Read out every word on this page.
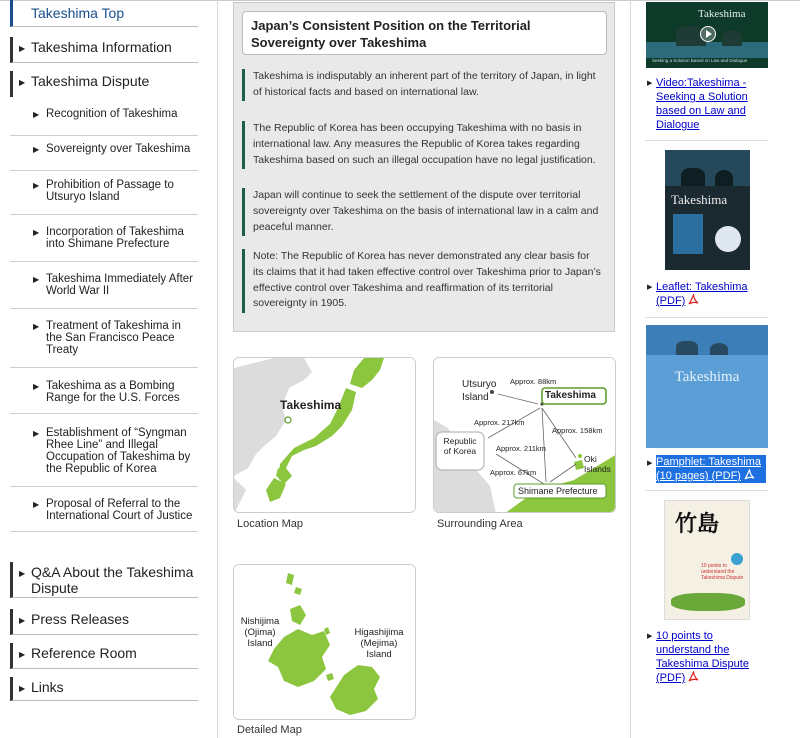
Takeshima Top
▶ Takeshima Information
▶ Takeshima Dispute
▶ Recognition of Takeshima
▶ Sovereignty over Takeshima
▶ Prohibition of Passage to Utsuryo Island
▶ Incorporation of Takeshima into Shimane Prefecture
▶ Takeshima Immediately After World War II
▶ Treatment of Takeshima in the San Francisco Peace Treaty
▶ Takeshima as a Bombing Range for the U.S. Forces
▶ Establishment of “Syngman Rhee Line” and Illegal Occupation of Takeshima by the Republic of Korea
▶ Proposal of Referral to the International Court of Justice
▶ Q&A About the Takeshima Dispute
▶ Press Releases
▶ Reference Room
▶ Links
Japan’s Consistent Position on the Territorial Sovereignty over Takeshima
Takeshima is indisputably an inherent part of the territory of Japan, in light of historical facts and based on international law.
The Republic of Korea has been occupying Takeshima with no basis in international law. Any measures the Republic of Korea takes regarding Takeshima based on such an illegal occupation have no legal justification.
Japan will continue to seek the settlement of the dispute over territorial sovereignty over Takeshima on the basis of international law in a calm and peaceful manner.
Note: The Republic of Korea has never demonstrated any clear basis for its claims that it had taken effective control over Takeshima prior to Japan’s effective control over Takeshima and reaffirmation of its territorial sovereignty in 1905.
Takeshima
Location Map
Utsuryo Island	Takeshima
Republic of Korea
Oki Islands
Shimane Prefecture
Approx. 88km
Approx. 217km
Approx. 158km
Approx. 211km
Approx. 67km
Surrounding Area
Nishijima (Ojima) Island
Higashijima (Mejima) Island
Detailed Map
Takeshima
Seeking a Solution Based on Law and Dialogue
▶ Video:Takeshima - Seeking a Solution based on Law and Dialogue
Takeshima
▶ Leaflet: Takeshima (PDF)
Takeshima
▶ Pamphlet: Takeshima (10 pages) (PDF)
竹島
10 points to understand the Takeshima Dispute
▶ 10 points to understand the Takeshima Dispute (PDF)
